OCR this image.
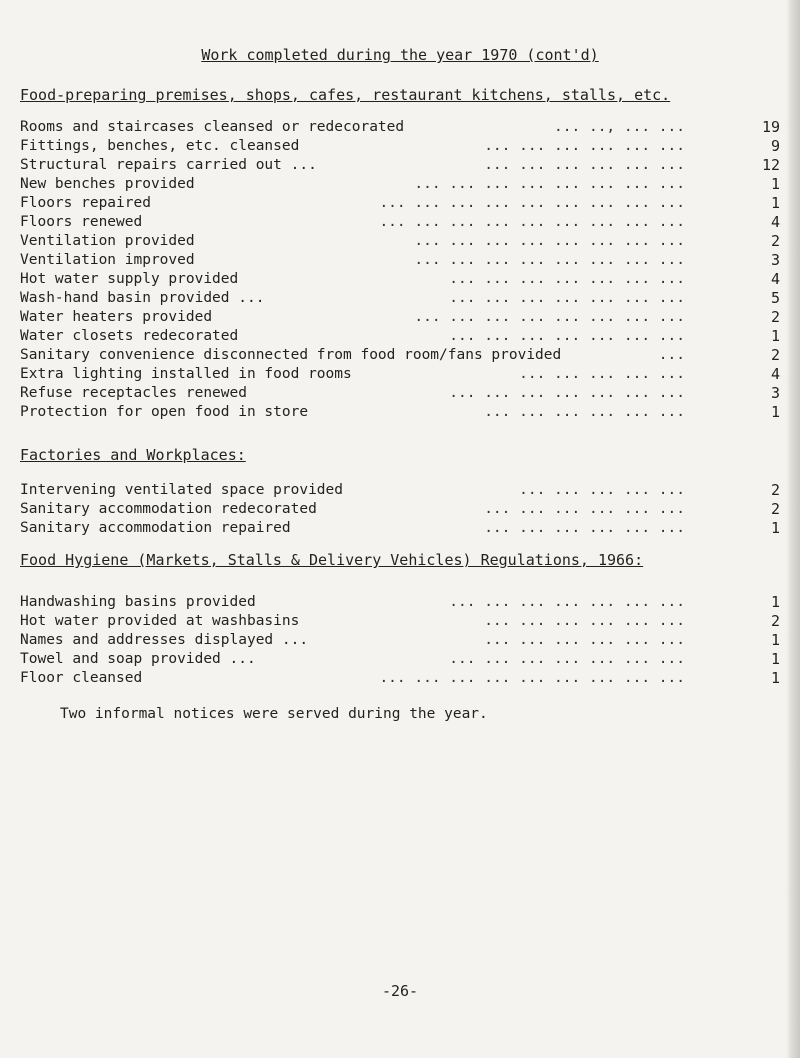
Work completed during the year 1970 (cont'd)
Food-preparing premises, shops, cafes, restaurant kitchens, stalls, etc.
Rooms and staircases cleansed or redecorated	... .., ... ...	19
Fittings, benches, etc. cleansed	... ... ... ... ... ...	9
Structural repairs carried out ...	... ... ... ... ... ...	12
New benches provided	... ... ... ... ... ... ... ...	1
Floors repaired	... ... ... ... ... ... ... ... ...	1
Floors renewed	... ... ... ... ... ... ... ... ...	4
Ventilation provided	... ... ... ... ... ... ... ...	2
Ventilation improved	... ... ... ... ... ... ... ...	3
Hot water supply provided	... ... ... ... ... ... ...	4
Wash-hand basin provided ...	... ... ... ... ... ... ...	5
Water heaters provided	... ... ... ... ... ... ... ...	2
Water closets redecorated	... ... ... ... ... ... ...	1
Sanitary convenience disconnected from food room/fans provided	...	2
Extra lighting installed in food rooms	... ... ... ... ...	4
Refuse receptacles renewed	... ... ... ... ... ... ...	3
Protection for open food in store	... ... ... ... ... ...	1
Factories and Workplaces:
Intervening ventilated space provided	... ... ... ... ...	2
Sanitary accommodation redecorated	... ... ... ... ... ...	2
Sanitary accommodation repaired	... ... ... ... ... ...	1
Food Hygiene (Markets, Stalls & Delivery Vehicles) Regulations, 1966:
Handwashing basins provided	... ... ... ... ... ... ...	1
Hot water provided at washbasins	... ... ... ... ... ...	2
Names and addresses displayed ...	... ... ... ... ... ...	1
Towel and soap provided ...	... ... ... ... ... ... ...	1
Floor cleansed	... ... ... ... ... ... ... ... ...	1
Two informal notices were served during the year.
-26-
